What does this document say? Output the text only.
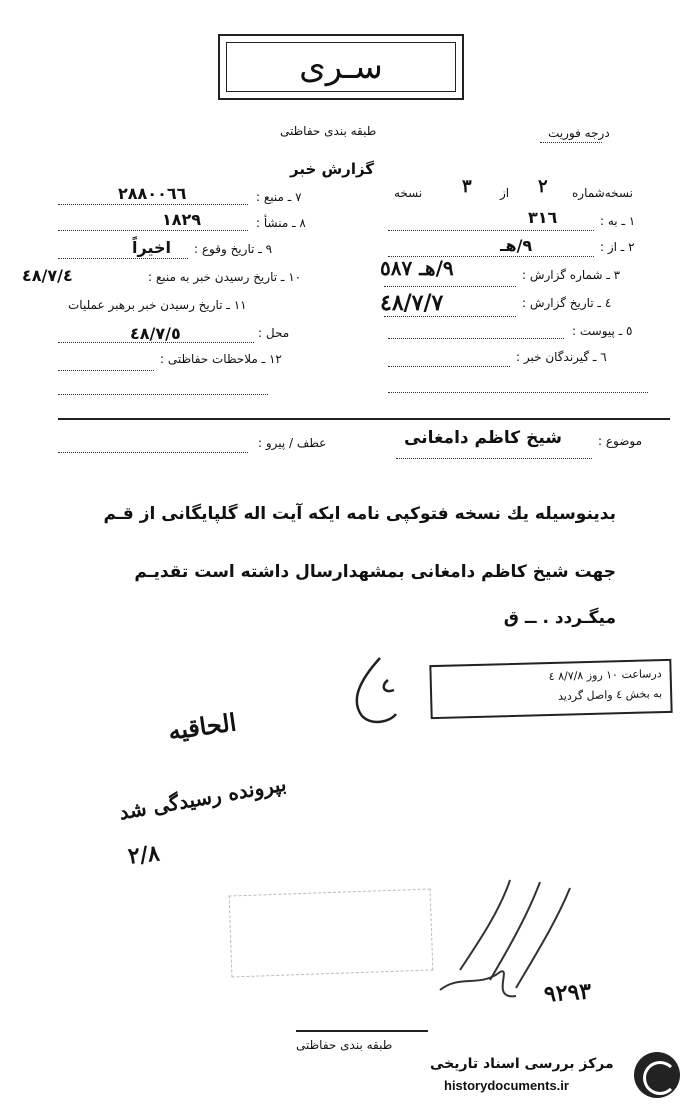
سـرى
طبقه بندی حفاظتی	درجه فوريت
گزارش خبر
نسخه‌شماره
٢
از
٣
نسخه
۱ ـ به :
٣١٦
۲ ـ از :
٩/هـ
۳ ـ شماره گزارش :
٩/هـ ٥٨٧
٤ ـ تاریخ گزارش :
٤٨/٧/٧
٥ ـ پیوست :
٦ ـ گیرندگان خبر :
٧ ـ منبع :
٢٨٨٠٠٦٦
٨ ـ منشأ :
١٨٢٩
٩ ـ تاریخ وقوع :
اخیراً
۱۰ ـ تاریخ رسیدن خبر به منبع :
٤٨/٧/٤
۱۱ ـ تاریخ رسیدن خبر برهبر عملیات
محل :
٤٨/٧/٥
۱۲ ـ ملاحظات حفاظتی :
موضوع :
شیخ کاظم دامغانی
عطف / پیرو :
بدینوسیله یك نسخه فتوكپی نامه ایكه آیت اله گلپایگانی از قـم
جهت شیخ کاظم دامغانی بمشهدارسال داشته است تقدیـم
میگـردد . ــ ق
درساعت ١٠ روز ٨/٧/٨ ٤
به بخش ٤ واصل گردید
الحاقیه
بپرونده رسیدگی شد
٢/٨
٩٢٩٣
طبقه بندی حفاظتی
مرکز بررسی اسناد تاریخی
historydocuments.ir
